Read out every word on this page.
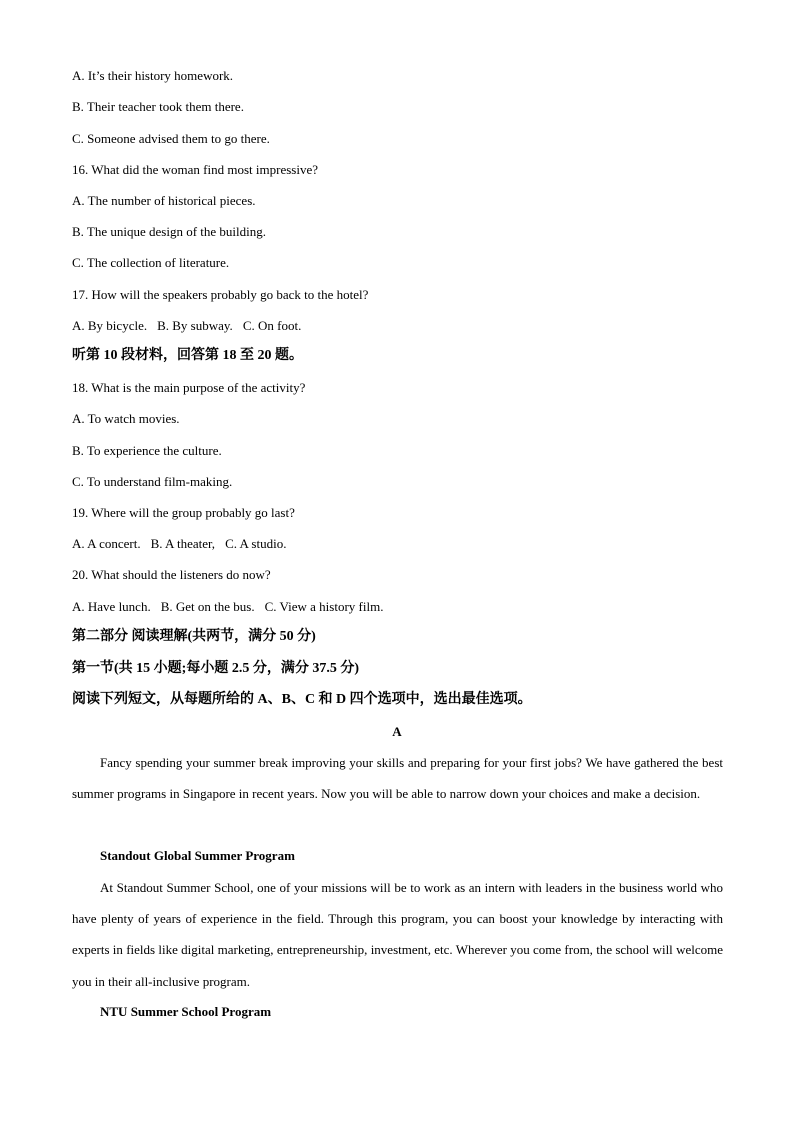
A. It’s their history homework.
B. Their teacher took them there.
C. Someone advised them to go there.
16. What did the woman find most impressive?
A. The number of historical pieces.
B. The unique design of the building.
C. The collection of literature.
17. How will the speakers probably go back to the hotel?
A. By bicycle. B. By subway. C. On foot.
听第 10 段材料，回答第 18 至 20 题。
18. What is the main purpose of the activity?
A. To watch movies.
B. To experience the culture.
C. To understand film-making.
19. Where will the group probably go last?
A. A concert. B. A theater, C. A studio.
20. What should the listeners do now?
A. Have lunch. B. Get on the bus. C. View a history film.
第二部分 阅读理解(共两节，满分 50 分)
第一节(共 15 小题;每小题 2.5 分，满分 37.5 分)
阅读下列短文，从每题所给的 A、B、C 和 D 四个选项中，选出最佳选项。
A
Fancy spending your summer break improving your skills and preparing for your first jobs? We have gathered the best summer programs in Singapore in recent years. Now you will be able to narrow down your choices and make a decision.
Standout Global Summer Program
At Standout Summer School, one of your missions will be to work as an intern with leaders in the business world who have plenty of years of experience in the field. Through this program, you can boost your knowledge by interacting with experts in fields like digital marketing, entrepreneurship, investment, etc. Wherever you come from, the school will welcome you in their all-inclusive program.
NTU Summer School Program
